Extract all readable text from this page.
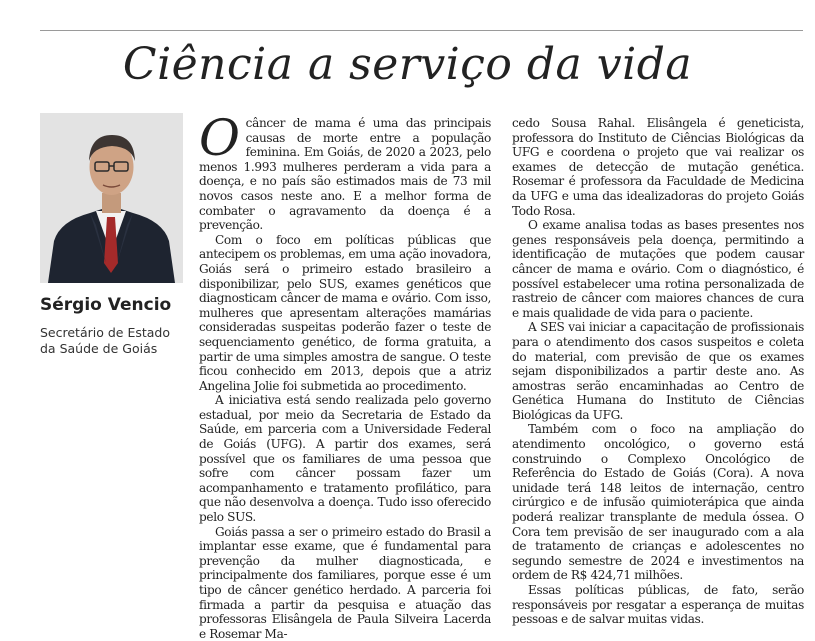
Ciência a serviço da vida
Sérgio Vencio
Secretário de Estado da Saúde de Goiás

Ocâncer de mama é uma das principais causas de morte entre a população feminina. Em Goiás, de 2020 a 2023, pelo menos 1.993 mulheres perderam a vida para a doença, e no país são estimados mais de 73 mil novos casos neste ano. E a melhor forma de combater o agravamento da doença é a prevenção.

Com o foco em políticas públicas que antecipem os problemas, em uma ação inovadora, Goiás será o primeiro estado brasileiro a disponibilizar, pelo SUS, exames genéticos que diagnosticam câncer de mama e ovário. Com isso, mulheres que apresentam alterações mamárias consideradas suspeitas poderão fazer o teste de sequenciamento genético, de forma gratuita, a partir de uma simples amostra de sangue. O teste ficou conhecido em 2013, depois que a atriz Angelina Jolie foi submetida ao procedimento.

A iniciativa está sendo realizada pelo governo estadual, por meio da Secretaria de Estado da Saúde, em parceria com a Universidade Federal de Goiás (UFG). A partir dos exames, será possível que os familiares de uma pessoa que sofre com câncer possam fazer um acompanhamento e tratamento profilático, para que não desenvolva a doença. Tudo isso oferecido pelo SUS.

Goiás passa a ser o primeiro estado do Brasil a implantar esse exame, que é fundamental para prevenção da mulher diagnosticada, e principalmente dos familiares, porque esse é um tipo de câncer genético herdado. A parceria foi firmada a partir da pesquisa e atuação das professoras Elisângela de Paula Silveira Lacerda e Rosemar Ma-

cedo Sousa Rahal. Elisângela é geneticista, professora do Instituto de Ciências Biológicas da UFG e coordena o projeto que vai realizar os exames de detecção de mutação genética. Rosemar é professora da Faculdade de Medicina da UFG e uma das idealizadoras do projeto Goiás Todo Rosa.

O exame analisa todas as bases presentes nos genes responsáveis pela doença, permitindo a identificação de mutações que podem causar câncer de mama e ovário. Com o diagnóstico, é possível estabelecer uma rotina personalizada de rastreio de câncer com maiores chances de cura e mais qualidade de vida para o paciente.

A SES vai iniciar a capacitação de profissionais para o atendimento dos casos suspeitos e coleta do material, com previsão de que os exames sejam disponibilizados a partir deste ano. As amostras serão encaminhadas ao Centro de Genética Humana do Instituto de Ciências Biológicas da UFG.

Também com o foco na ampliação do atendimento oncológico, o governo está construindo o Complexo Oncológico de Referência do Estado de Goiás (Cora). A nova unidade terá 148 leitos de internação, centro cirúrgico e de infusão quimioterápica que ainda poderá realizar transplante de medula óssea. O Cora tem previsão de ser inaugurado com a ala de tratamento de crianças e adolescentes no segundo semestre de 2024 e investimentos na ordem de R$ 424,71 milhões.

Essas políticas públicas, de fato, serão responsáveis por resgatar a esperança de muitas pessoas e de salvar muitas vidas.
